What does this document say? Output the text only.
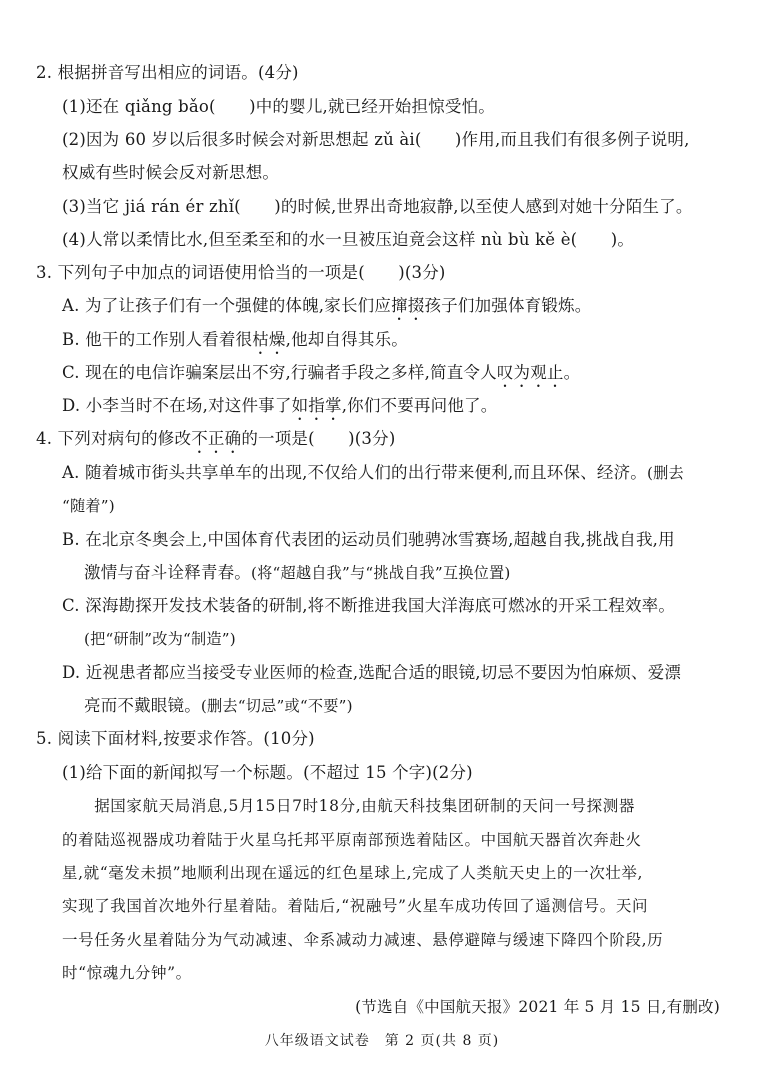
2. 根据拼音写出相应的词语。(4分)
(1)还在 qiǎng bǎo(　　)中的婴儿,就已经开始担惊受怕。
(2)因为 60 岁以后很多时候会对新思想起 zǔ ài(　　)作用,而且我们有很多例子说明,
权威有些时候会反对新思想。
(3)当它 jiá rán ér zhǐ(　　)的时候,世界出奇地寂静,以至使人感到对她十分陌生了。
(4)人常以柔情比水,但至柔至和的水一旦被压迫竟会这样 nù bù kě è(　　)。
3. 下列句子中加点的词语使用恰当的一项是(　　)(3分)
A. 为了让孩子们有一个强健的体魄,家长们应撺掇孩子们加强体育锻炼。
B. 他干的工作别人看着很枯燥,他却自得其乐。
C. 现在的电信诈骗案层出不穷,行骗者手段之多样,简直令人叹为观止。
D. 小李当时不在场,对这件事了如指掌,你们不要再问他了。
4. 下列对病句的修改不正确的一项是(　　)(3分)
A. 随着城市街头共享单车的出现,不仅给人们的出行带来便利,而且环保、经济。(删去
“随着”)
B. 在北京冬奥会上,中国体育代表团的运动员们驰骋冰雪赛场,超越自我,挑战自我,用
激情与奋斗诠释青春。(将“超越自我”与“挑战自我”互换位置)
C. 深海勘探开发技术装备的研制,将不断推进我国大洋海底可燃冰的开采工程效率。
(把“研制”改为“制造”)
D. 近视患者都应当接受专业医师的检查,选配合适的眼镜,切忌不要因为怕麻烦、爱漂
亮而不戴眼镜。(删去“切忌”或“不要”)
5. 阅读下面材料,按要求作答。(10分)
(1)给下面的新闻拟写一个标题。(不超过 15 个字)(2分)
　　据国家航天局消息,5月15日7时18分,由航天科技集团研制的天问一号探测器
的着陆巡视器成功着陆于火星乌托邦平原南部预选着陆区。中国航天器首次奔赴火
星,就“毫发未损”地顺利出现在遥远的红色星球上,完成了人类航天史上的一次壮举,
实现了我国首次地外行星着陆。着陆后,“祝融号”火星车成功传回了遥测信号。天问
一号任务火星着陆分为气动减速、伞系减动力减速、悬停避障与缓速下降四个阶段,历
时“惊魂九分钟”。
(节选自《中国航天报》2021 年 5 月 15 日,有删改)
八年级语文试卷　第 2 页(共 8 页)
